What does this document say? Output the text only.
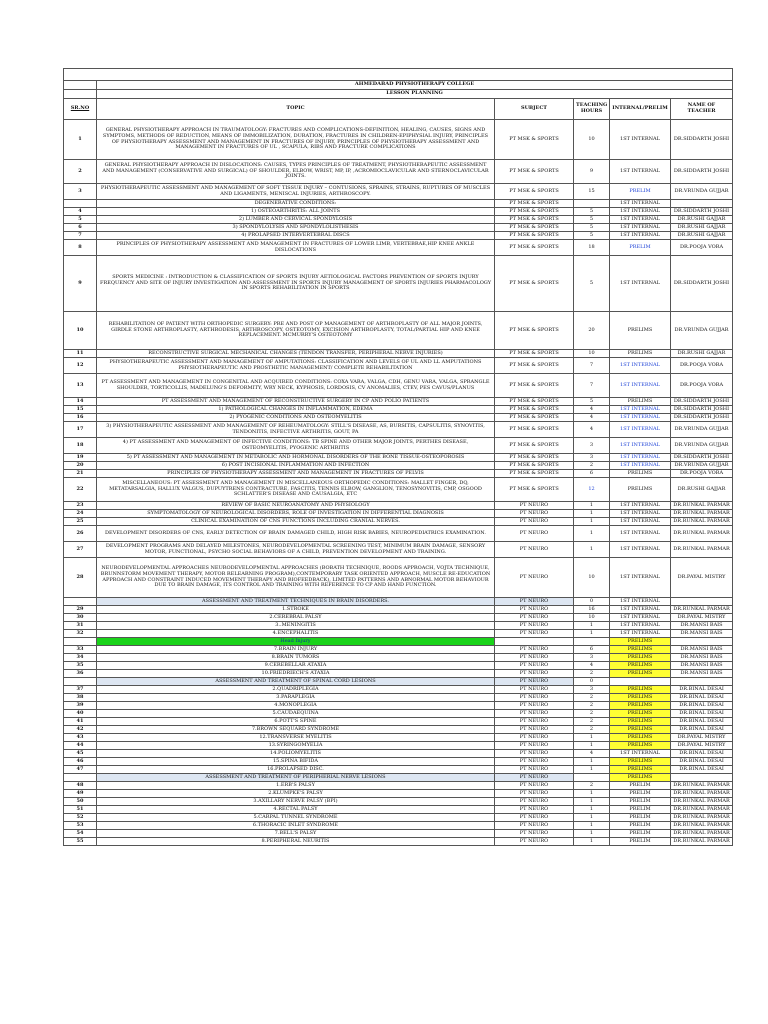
	AHMEDABAD PHYSIOTHERAPY COLLEGE				
	LESSON PLANNING				
SR.NO	TOPIC	SUBJECT	TEACHING HOURS	INTERNAL/PRELIM	NAME OF TEACHER
1	GENERAL PHYSIOTHERAPY APPROACH IN TRAUMATOLOGY: FRACTURES AND COMPLICATIONS-DEFINITION, HEALING, CAUSES, SIGNS AND SYMPTOMS, METHODS OF REDUCTION, MEANS OF IMMOBILIZATION, DURATION, FRACTURES IN CHILDREN-EPIPHYSIAL INJURY, PRINCIPLES OF PHYSIOTHERAPY ASSESSMENT AND MANAGEMENT IN FRACTURES OF INJURY, PRINCIPLES OF PHYSIOTHERAPY ASSESSMENT AND MANAGEMENT IN FRACTURES OF UL , SCAPULA, RIBS AND FRACTURE COMPLICATIONS	PT MSK & SPORTS	10	1ST INTERNAL	DR.SIDDARTH JOSHI
2	GENERAL PHYSIOTHERAPY APPROACH IN DISLOCATIONS: CAUSES, TYPES PRINCIPLES OF TREATMENT, PHYSIOTHERAPEUTIC ASSESSMENT AND MANAGEMENT (CONSERVATIVE AND SURGICAL) OF SHOULDER, ELBOW, WRIST, MP, IP, ,ACROMIOCLAVICULAR AND STERNOCLAVICULAR JOINTS.	PT MSK & SPORTS	9	1ST INTERNAL	DR.SIDDARTH JOSHI
3	PHYSIOTHERAPEUTIC ASSESSMENT AND MANAGEMENT OF SOFT TISSUE INJURY – CONTUSIONS, SPRAINS, STRAINS, RUPTURES OF MUSCLES AND LIGAMENTS, MENISCAL INJURIES, ARTHROSCOPY.	PT MSK & SPORTS	15	PRELIM	DR.VRUNDA GUJJAR
	DEGENERATIVE CONDITIONS:	PT MSK & SPORTS		1ST INTERNAL	
4	1) OSTEOARTHRITIS: ALL JOINTS	PT MSK & SPORTS	5	1ST INTERNAL	DR.SIDDARTH JOSHI
5	2) LUMBER AND CERVICAL SPONDYLOSIS	PT MSK & SPORTS	5	1ST INTERNAL	DR.RUSHI GAJJAR
6	3) SPONDYLOLYSIS AND SPONDYLOLISTHESIS	PT MSK & SPORTS	5	1ST INTERNAL	DR.RUSHI GAJJAR
7	4) PROLAPSED INTERVERTEBRAL DISCS	PT MSK & SPORTS	5	1ST INTERNAL	DR.RUSHI GAJJAR
8	PRINCIPLES OF PHYSIOTHERAPY ASSESSMENT AND MANAGEMENT IN FRACTURES OF LOWER LIMB, VERTEBRAE,HIP KNEE ANKLE DISLOCATIONS	PT MSK & SPORTS	18	PRELIM	DR.POOJA VORA
9	SPORTS MEDICINE : INTRODUCTION & CLASSIFICATION OF SPORTS INJURY AETIOLOGICAL FACTORS PREVENTION OF SPORTS INJURY FREQUENCY AND SITE OF INJURY INVESTIGATION AND ASSESSMENT IN SPORTS INJURY MANAGEMENT OF SPORTS INJURIES PHARMACOLOGY IN SPORTS REHABILITATION IN SPORTS	PT MSK & SPORTS	5	1ST INTERNAL	DR.SIDDARTH JOSHI
10	REHABILITATION OF PATIENT WITH ORTHOPEDIC SURGERY: PRE AND POST OP MANAGEMENT OF ARTHROPLASTY OF ALL MAJOR JOINTS, GIRDLE STONE ARTHROPLASTY, ARTHRODESIS, ARTHROSCOPY, OSTEOTOMY, EXCISION ARTHROPLASTY, TOTAL/PARTIAL HIP AND KNEE REPLACEMENT. MCMURRY'S OSTEOTOMY	PT MSK & SPORTS	20	PRELIMS	DR.VRUNDA GUJJAR
11	RECONSTRUCTIVE SURGICAL MECHANICAL CHANGES (TENDON TRANSFER, PERIPHERAL NERVE INJURIES)	PT MSK & SPORTS	10	PRELIMS	DR.RUSHI GAJJAR
12	PHYSIOTHERAPEUTIC ASSESSMENT AND MANAGEMENT OF AMPUTATIONS: CLASSIFICATION AND LEVELS OF UL AND LL AMPUTATIONS PHYSIOTHERAPEUTIC AND PROSTHETIC MANAGEMENT/ COMPLETE REHABILITATION	PT MSK & SPORTS	7	1ST INTERNAL	DR.POOJA VORA
13	PT ASSESSMENT AND MANAGEMENT IN CONGENITAL AND ACQUIRED CONDITIONS: COXA VARA, VALGA, CDH, GENU VARA, VALGA, SPRANGLE SHOULDER, TORTICOLLIS, MADELUNG'S DEFORMITY, WRY NECK, KYPHOSIS, LORDOSIS, CV ANOMALIES, CTEV, PES CAVUS/PLANUS	PT MSK & SPORTS	7	1ST INTERNAL	DR.POOJA VORA
14	PT ASSESSMENT AND MANAGEMENT OF RECONSTRUCTIVE SURGERY IN CP AND POLIO PATIENTS	PT MSK & SPORTS	5	PRELIMS	DR.SIDDARTH JOSHI
15	1) PATHOLOGICAL CHANGES IN INFLAMMATION, EDEMA	PT MSK & SPORTS	4	1ST INTERNAL	DR.SIDDARTH JOSHI
16	2) PYOGENIC CONDITIONS AND OSTEOMYELITIS	PT MSK & SPORTS	4	1ST INTERNAL	DR.SIDDARTH JOSHI
17	3) PHYSIOTHERAPEUTIC ASSESSMENT AND MANAGEMENT OF REHEUMATOLOGY: STILL'S DISEASE, AS, BURSITIS, CAPSULITIS, SYNOVITIS, TENDONITIS, INFECTIVE ARTHRITIS, GOUT, PA	PT MSK & SPORTS	4	1ST INTERNAL	DR.VRUNDA GUJJAR
18	4) PT ASSESSMENT AND MANAGEMENT OF INFECTIVE CONDITIONS: TB SPINE AND OTHER MAJOR JOINTS, PERTHES DISEASE, OSTEOMYELITIS, PYOGENIC ARTHRITIS	PT MSK & SPORTS	3	1ST INTERNAL	DR.VRUNDA GUJJAR
19	5) PT ASSESSMENT AND MANAGEMENT IN METABOLIC AND HORMONAL DISORDERS OF THE BONE TISSUE-OSTEOPOROSIS	PT MSK & SPORTS	3	1ST INTERNAL	DR.SIDDARTH JOSHI
20	6) POST INCISIONAL INFLAMMATION AND INFECTION	PT MSK & SPORTS	2	1ST INTERNAL	DR.VRUNDA GUJJAR
21	PRINCIPLES OF PHYSIOTHERAPY ASSESSMENT AND MANAGEMENT IN FRACTURES OF PELVIS	PT MSK & SPORTS	6	PRELIMS	DR.POOJA VORA
22	MISCELLANEOUS: PT ASSESSMENT AND MANAGEMENT IN MISCELLANEOUS ORTHOPEDIC CONDITIONS: MALLET FINGER, DQ, METATARSALGIA, HALLUX VALGUS, DUPUYTRENS CONTRACTURE, FASCITIS, TENNIS ELBOW, GANGLION, TENOSYNOVITIS, CMP, OSGOOD SCHLATTER'S DISEASE AND CAUSALGIA, ETC	PT MSK & SPORTS	12	PRELIMS	DR.RUSHI GAJJAR
23	REVIEW OF BASIC NEUROANATOMY AND PHYSIOLOGY	PT NEURO	1	1ST INTERNAL	DR.RUNKAL PARMAR
24	SYMPTOMATOLOGY OF NEUROLOGICAL DISORDERS, ROLE OF INVESTIGATION IN DIFFERENTIAL DIAGNOSIS	PT NEURO	1	1ST INTERNAL	DR.RUNKAL PARMAR
25	CLINICAL EXAMINATION OF CNS FUNCTIONS INCLUDING CRANIAL NERVES.	PT NEURO	1	1ST INTERNAL	DR.RUNKAL PARMAR
26	DEVELOPMENT DISORDERS OF CNS, EARLY DETECTION OF BRAIN DAMAGED CHILD, HIGH RISK BABIES, NEUROPEDIATRICS EXAMINATION.	PT NEURO	1	1ST INTERNAL	DR.RUNKAL PARMAR
27	DEVELOPMENT PROGRAMS AND DELAYED MILESTONES, NEURODEVELOPMENTAL SCREENING TEST, MINIMUM BRAIN DAMAGE, SENSORY MOTOR, FUNCTIONAL, PSYCHO SOCIAL BEHAVIORS OF A CHILD, PREVENTION DEVELOPMENT AND TRAINING.	PT NEURO	1	1ST INTERNAL	DR.RUNKAL PARMAR
28	NEURODEVELOPMENTAL APPROACHES NEURODEVELOPMENTAL APPROACHES (BOBATH TECHNIQUE, ROODS APPROACH, VOJTA TECHNIQUE, BRUNNSTORM MOVEMENT THERAPY, MOTOR RELEARNING PROGRAM),CONTEMPORARY TASK ORIENTED APPROACH, MUSCLE RE-EDUCATION APPROACH AND CONSTRAINT INDUCED MOVEMENT THERAPY AND BIOFEEDBACK), LIMITED PATTERNS AND ABNORMAL MOTOR BEHAVIOUR DUE TO BRAIN DAMAGE, ITS CONTROL AND TRAINING WITH REFERENCE TO CP AND HAND FUNCTION.	PT NEURO	10	1ST INTERNAL	DR.PAYAL MISTRY
	ASSESSMENT AND TREATMENT TECHNIQUES IN BRAIN DISORDERS.	PT NEURO	0	1ST INTERNAL	
29	1.STROKE	PT NEURO	16	1ST INTERNAL	DR.RUNKAL PARMAR
30	2.CEREBRAL PALSY	PT NEURO	10	1ST INTERNAL	DR.PAYAL MISTRY
31	3..MENINGITIS	PT NEURO	1	1ST INTERNAL	DR.MANSI BAIS
32	4.ENCEPHALITIS	PT NEURO	1	1ST INTERNAL	DR.MANSI BAIS
	Head Injury			PRELIMS	
33	7.BRAIN INJURY	PT NEURO	6	PRELIMS	DR.MANSI BAIS
34	8.BRAIN TUMORS	PT NEURO	3	PRELIMS	DR.MANSI BAIS
35	9.CEREBELLAR ATAXIA	PT NEURO	4	PRELIMS	DR.MANSI BAIS
36	10.FRIEDRIECH'S ATAXIA	PT NEURO	2	PRELIMS	DR.MANSI BAIS
	ASSESSMENT AND TREATMENT OF SPINAL CORD LESIONS	PT NEURO	0		
37	2.QUADRIPLEGIA	PT NEURO	3	PRELIMS	DR.BINAL DESAI
38	3.PARAPLEGIA	PT NEURO	2	PRELIMS	DR.BINAL DESAI
39	4.MONOPLEGIA	PT NEURO	2	PRELIMS	DR.BINAL DESAI
40	5.CAUDAEQUINA	PT NEURO	2	PRELIMS	DR.BINAL DESAI
41	6.POTT'S SPINE	PT NEURO	2	PRELIMS	DR.BINAL DESAI
42	7.BROWN SEQUARD SYNDROME	PT NEURO	2	PRELIMS	DR.BINAL DESAI
43	12.TRANSVERSE MYELITIS	PT NEURO	1	PRELIMS	DR.PAYAL MISTRY
44	13.SYRINGOMYELIA	PT NEURO	1	PRELIMS	DR.PAYAL MISTRY
45	14.POLIOMYELITIS	PT NEURO	4	1ST INTERNAL	DR.BINAL DESAI
46	15.SPINA BIFIDA	PT NEURO	1	PRELIMS	DR.BINAL DESAI
47	16.PROLAPSED DISC.	PT NEURO	1	PRELIMS	DR.BINAL DESAI
	ASSESSMENT AND TREATMENT OF PERIPHERIAL NERVE LESIONS	PT NEURO		PRELIMS	
48	1.ERB'S PALSY	PT NEURO	2	PRELIM	DR.RUNKAL PARMAR
49	2.KLUMPKE'S PALSY	PT NEURO	1	PRELIM	DR.RUNKAL PARMAR
50	3.AXILLARY NERVE PALSY (BPI)	PT NEURO	1	PRELIM	DR.RUNKAL PARMAR
51	4.RECTAL PALSY	PT NEURO	1	PRELIM	DR.RUNKAL PARMAR
52	5.CARPAL TUNNEL SYNDROME	PT NEURO	1	PRELIM	DR.RUNKAL PARMAR
53	6.THORACIC INLET SYNDROME	PT NEURO	1	PRELIM	DR.RUNKAL PARMAR
54	7.BELL'S PALSY	PT NEURO	1	PRELIM	DR.RUNKAL PARMAR
55	8.PERIPHERAL NEURITIS	PT NEURO	1	PRELIM	DR.RUNKAL PARMAR
